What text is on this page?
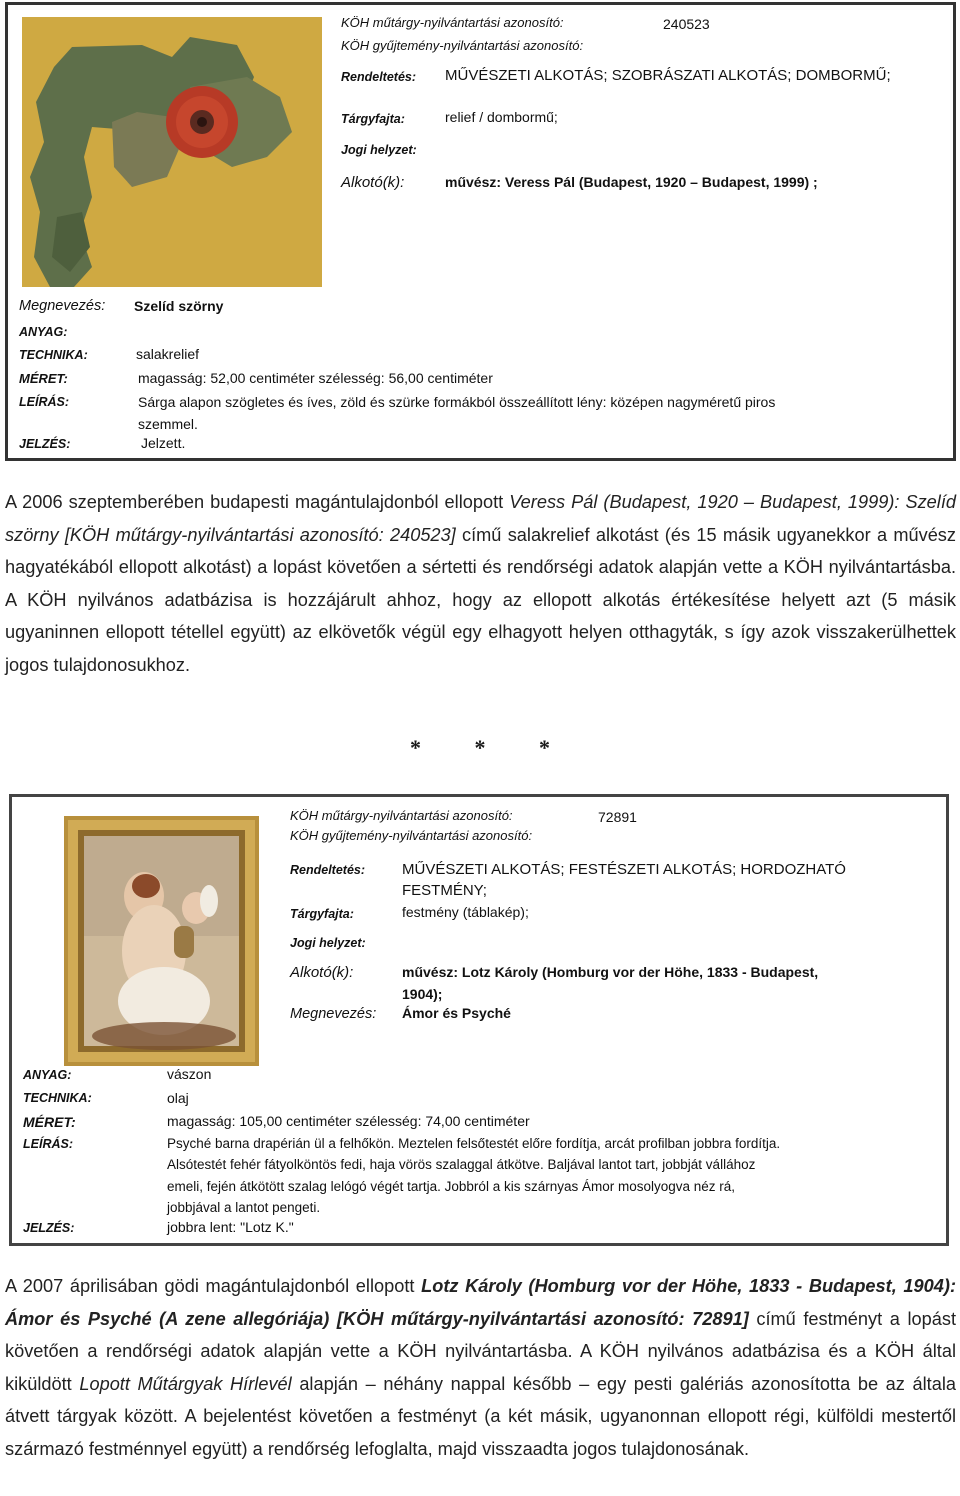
KÖH műtárgy-nyilvántartási azonosító:	240523
KÖH gyűjtemény-nyilvántartási azonosító:
Rendeltetés: MŰVÉSZETI ALKOTÁS; SZOBRÁSZATI ALKOTÁS; DOMBORMŰ;
Tárgyfajta:	relief / dombormű;
Jogi helyzet:
Alkotó(k):	művész: Veress Pál (Budapest, 1920 – Budapest, 1999) ;
Megnevezés: Szelíd szörny
ANYAG:
TECHNIKA:	salakrelief
MÉRET:	magasság: 52,00 centiméter szélesség: 56,00 centiméter
LEÍRÁS:	Sárga alapon szögletes és íves, zöld és szürke formákból összeállított lény: középen nagyméretű piros
szemmel.
JELZÉS:	Jelzett.

A 2006 szeptemberében budapesti magántulajdonból ellopott Veress Pál (Budapest, 1920 – Budapest, 1999): Szelíd szörny [KÖH műtárgy-nyilvántartási azonosító: 240523] című salakrelief alkotást (és 15 másik ugyanekkor a művész hagyatékából ellopott alkotást) a lopást követően a sértetti és rendőrségi adatok alapján vette a KÖH nyilvántartásba. A KÖH nyilvános adatbázisa is hozzájárult ahhoz, hogy az ellopott alkotás értékesítése helyett azt (5 másik ugyaninnen ellopott tétellel együtt) az elkövetők végül egy elhagyott helyen otthagyták, s így azok visszakerülhettek jogos tulajdonosukhoz.

* * *
KÖH műtárgy-nyilvántartási azonosító:	72891
KÖH gyűjtemény-nyilvántartási azonosító:
Rendeltetés: MŰVÉSZETI ALKOTÁS; FESTÉSZETI ALKOTÁS; HORDOZHATÓ
FESTMÉNY;
Tárgyfajta:	festmény (táblakép);
Jogi helyzet:
Alkotó(k):	művész: Lotz Károly (Homburg vor der Höhe, 1833 - Budapest,
1904);
Megnevezés: Ámor és Psyché
ANYAG:	vászon
TECHNIKA:	olaj
MÉRET:	magasság: 105,00 centiméter szélesség: 74,00 centiméter
LEÍRÁS:	Psyché barna drapérián ül a felhőkön. Meztelen felsőtestét előre fordítja, arcát profilban jobbra fordítja.
Alsótestét fehér fátyolköntös fedi, haja vörös szalaggal átkötve. Baljával lantot tart, jobbját vállához
emeli, fején átkötött szalag lelógó végét tartja. Jobbról a kis szárnyas Ámor mosolyogva néz rá,
jobbjával a lantot pengeti.
JELZÉS:	jobbra lent: "Lotz K."

A 2007 áprilisában gödi magántulajdonból ellopott Lotz Károly (Homburg vor der Höhe, 1833 - Budapest, 1904): Ámor és Psyché (A zene allegóriája) [KÖH műtárgy-nyilvántartási azonosító: 72891] című festményt a lopást követően a rendőrségi adatok alapján vette a KÖH nyilvántartásba. A KÖH nyilvános adatbázisa és a KÖH által kiküldött Lopott Műtárgyak Hírlevél alapján – néhány nappal később – egy pesti galériás azonosította be az általa átvett tárgyak között. A bejelentést követően a festményt (a két másik, ugyanonnan ellopott régi, külföldi mestertől származó festménnyel együtt) a rendőrség lefoglalta, majd visszaadta jogos tulajdonosának.
